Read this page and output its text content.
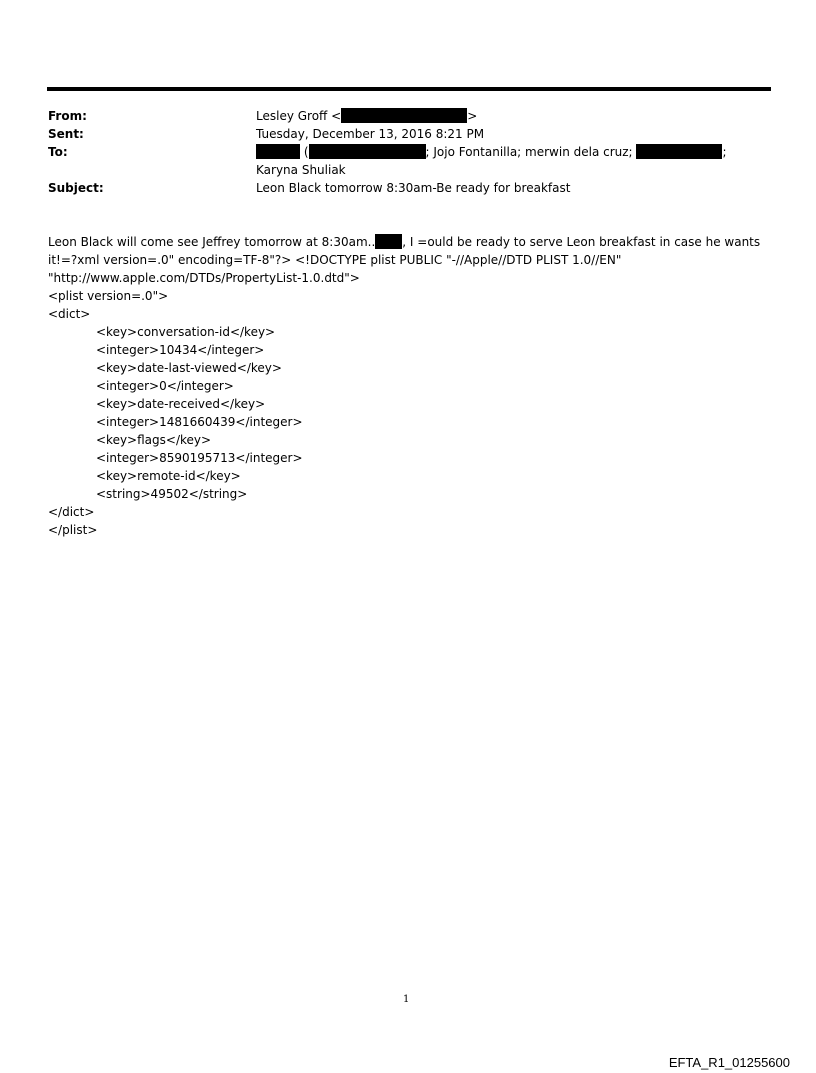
From:	Lesley Groff <	>
Sent:	Tuesday, December 13, 2016 8:21 PM
To:	(	; Jojo Fontanilla; merwin dela cruz;	;
Karyna Shuliak
Subject:	Leon Black tomorrow 8:30am-Be ready for breakfast
Leon Black will come see Jeffrey tomorrow at 8:30am.. , I =ould be ready to serve Leon breakfast in case he wants
it!=?xml version=.0" encoding=TF-8"?> <!DOCTYPE plist PUBLIC "-//Apple//DTD PLIST 1.0//EN"
"http://www.apple.com/DTDs/PropertyList-1.0.dtd">
<plist version=.0">
<dict>
<key>conversation-id</key>
<integer>10434</integer>
<key>date-last-viewed</key>
<integer>0</integer>
<key>date-received</key>
<integer>1481660439</integer>
<key>flags</key>
<integer>8590195713</integer>
<key>remote-id</key>
<string>49502</string>
</dict>
</plist>
1
EFTA_R1_01255600
